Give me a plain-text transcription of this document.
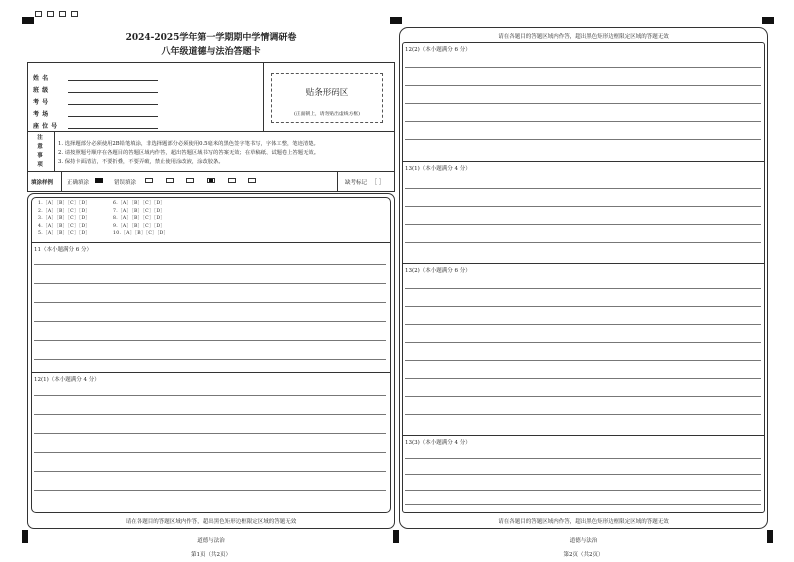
2024-2025学年第一学期期中学情调研卷
八年级道德与法治答题卡
姓 名
班 级
考 号
考 场
座 位 号
贴条形码区
(正面朝上，请勿贴出虚线方框)
注
意
事
项
1. 选择题部分必须使用2B铅笔填涂，非选择题部分必须使用0.5毫米的黑色签字笔书写，字体工整，笔迹清楚。
2. 请按照题号顺序在各题目的答题区域内作答，超出答题区域书写的答案无效；在草稿纸、试题卷上答题无效。
3. 保持卡面清洁，不要折叠，不要弄破，禁止使用涂改液，涂改胶条。
填涂样例	正确填涂	错误填涂	缺考标记 ［ ］
1.［A］［B］［C］［D］
2.［A］［B］［C］［D］
3.［A］［B］［C］［D］
4.［A］［B］［C］［D］
5.［A］［B］［C］［D］
6.［A］［B］［C］［D］
7.［A］［B］［C］［D］
8.［A］［B］［C］［D］
9.［A］［B］［C］［D］
10.［A］［B］［C］［D］
11（本小题满分 6 分）
12(1)（本小题满分 4 分）
请在各题目的答题区域内作答，超出黑色矩形边框限定区域的答题无效
请在各题目的答题区域内作答，超出黑色矩形边框限定区域的答题无效
请在各题目的答题区域内作答，超出黑色矩形边框限定区域的答题无效
12(2)（本小题满分 6 分）
13(1)（本小题满分 4 分）
13(2)（本小题满分 6 分）
13(3)（本小题满分 4 分）
道德与法治
第1页（共2页）
道德与法治
第2页（共2页）
